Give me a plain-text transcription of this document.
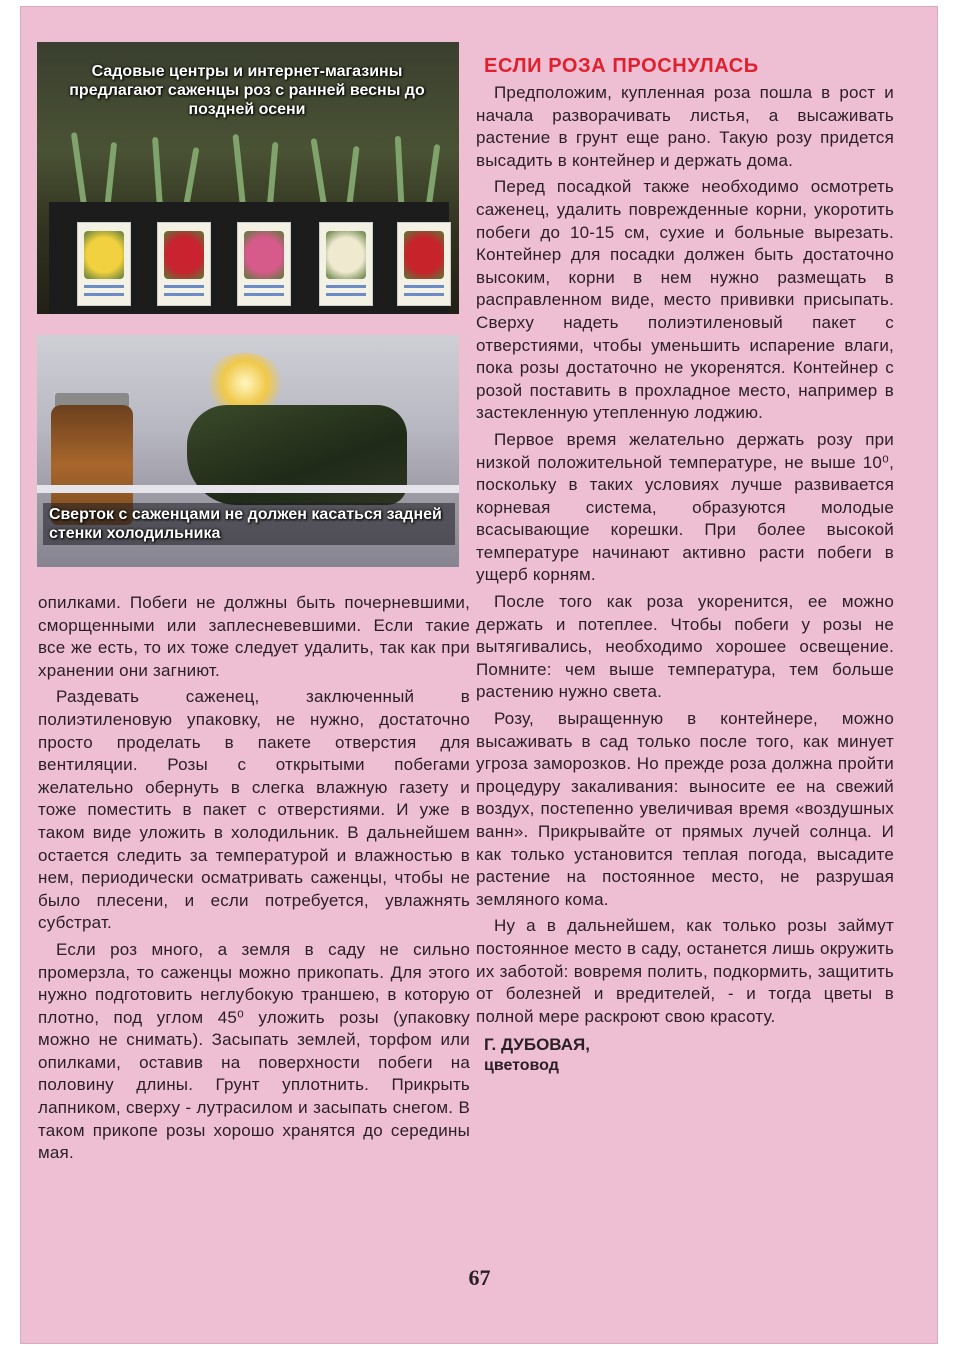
Садовые центры и интернет-магазины предлагают саженцы роз с ранней весны до поздней осени
Сверток с саженцами не должен касаться задней стенки холодильника

опилками. Побеги не должны быть почерневшими, сморщенными или заплесневевшими. Если такие все же есть, то их тоже следует удалить, так как при хранении они загниют.

Раздевать саженец, заключенный в полиэтиленовую упаковку, не нужно, достаточно просто проделать в пакете отверстия для вентиляции. Розы с открытыми побегами желательно обернуть в слегка влажную газету и тоже поместить в пакет с отверстиями. И уже в таком виде уложить в холодильник. В дальнейшем остается следить за температурой и влажностью в нем, периодически осматривать саженцы, чтобы не было плесени, и если потребуется, увлажнять субстрат.

Если роз много, а земля в саду не сильно промерзла, то саженцы можно прикопать. Для этого нужно подготовить неглубокую траншею, в которую плотно, под углом 45⁰ уложить розы (упаковку можно не снимать). Засыпать землей, торфом или опилками, оставив на поверхности побеги на половину длины. Грунт уплотнить. Прикрыть лапником, сверху - лутрасилом и засыпать снегом. В таком прикопе розы хорошо хранятся до середины мая.

ЕСЛИ РОЗА ПРОСНУЛАСЬ

Предположим, купленная роза пошла в рост и начала разворачивать листья, а высаживать растение в грунт еще рано. Такую розу придется высадить в контейнер и держать дома.

Перед посадкой также необходимо осмотреть саженец, удалить поврежденные корни, укоротить побеги до 10-15 см, сухие и больные вырезать. Контейнер для посадки должен быть достаточно высоким, корни в нем нужно размещать в расправленном виде, место прививки присыпать. Сверху надеть полиэтиленовый пакет с отверстиями, чтобы уменьшить испарение влаги, пока розы достаточно не укоренятся. Контейнер с розой поставить в прохладное место, например в застекленную утепленную лоджию.

Первое время желательно держать розу при низкой положительной температуре, не выше 10⁰, поскольку в таких условиях лучше развивается корневая система, образуются молодые всасывающие корешки. При более высокой температуре начинают активно расти побеги в ущерб корням.

После того как роза укоренится, ее можно держать и потеплее. Чтобы побеги у розы не вытягивались, необходимо хорошее освещение. Помните: чем выше температура, тем больше растению нужно света.

Розу, выращенную в контейнере, можно высаживать в сад только после того, как минует угроза заморозков. Но прежде роза должна пройти процедуру закаливания: выносите ее на свежий воздух, постепенно увеличивая время «воздушных ванн». Прикрывайте от прямых лучей солнца. И как только установится теплая погода, высадите растение на постоянное место, не разрушая земляного кома.

Ну а в дальнейшем, как только розы займут постоянное место в саду, останется лишь окружить их заботой: вовремя полить, подкормить, защитить от болезней и вредителей, - и тогда цветы в полной мере раскроют свою красоту.

Г. ДУБОВАЯ,
цветовод
67
